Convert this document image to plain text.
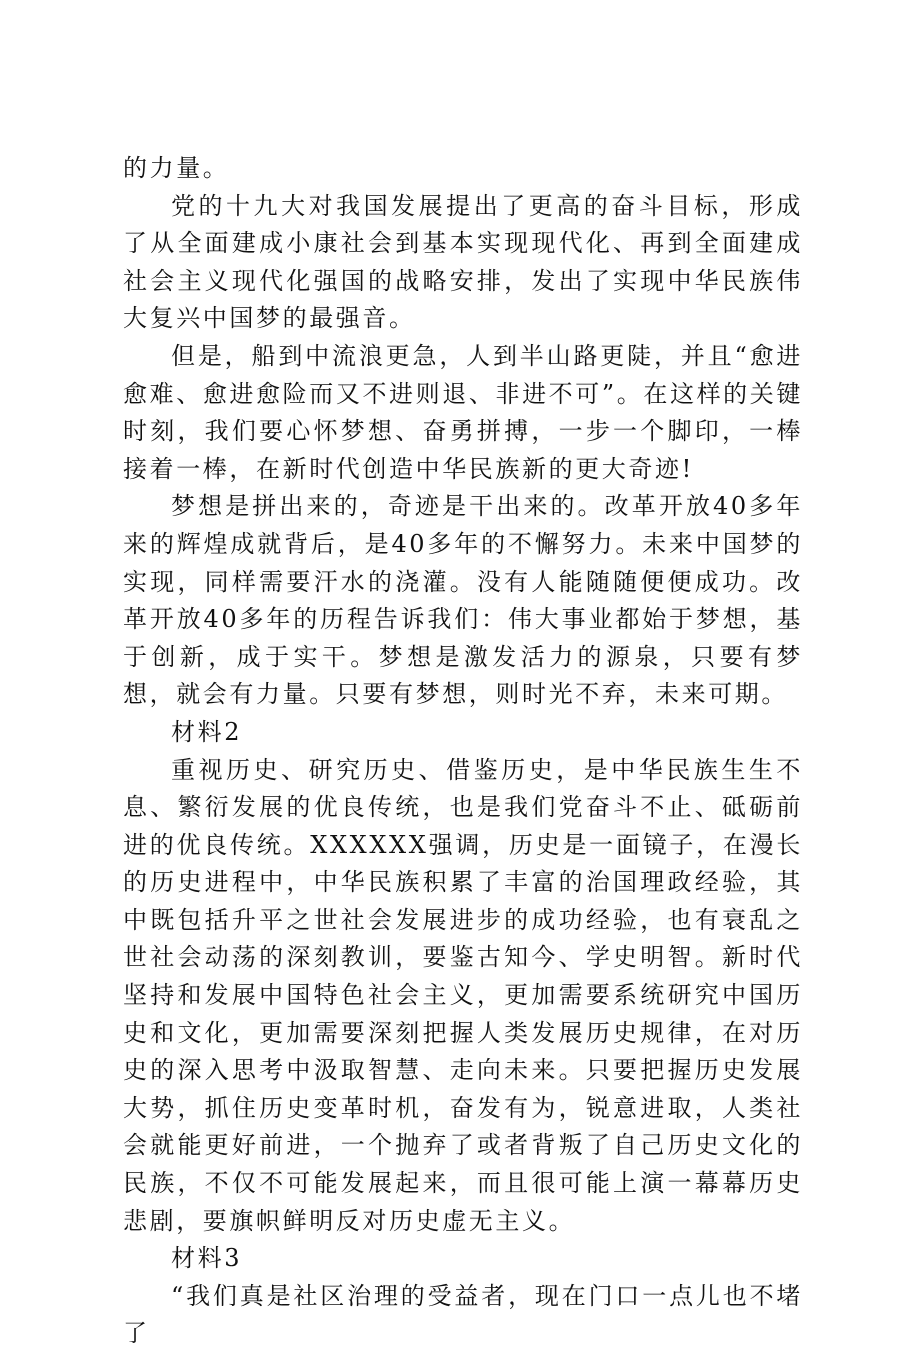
的力量。

党的十九大对我国发展提出了更高的奋斗目标，形成了从全面建成小康社会到基本实现现代化、再到全面建成社会主义现代化强国的战略安排，发出了实现中华民族伟大复兴中国梦的最强音。

但是，船到中流浪更急，人到半山路更陡，并且“愈进愈难、愈进愈险而又不进则退、非进不可”。在这样的关键时刻，我们要心怀梦想、奋勇拼搏，一步一个脚印，一棒接着一棒，在新时代创造中华民族新的更大奇迹!

梦想是拼出来的，奇迹是干出来的。改革开放40多年来的辉煌成就背后，是40多年的不懈努力。未来中国梦的实现，同样需要汗水的浇灌。没有人能随随便便成功。改革开放40多年的历程告诉我们：伟大事业都始于梦想，基于创新，成于实干。梦想是激发活力的源泉，只要有梦想，就会有力量。只要有梦想，则时光不弃，未来可期。

材料2

重视历史、研究历史、借鉴历史，是中华民族生生不息、繁衍发展的优良传统，也是我们党奋斗不止、砥砺前进的优良传统。XXXXXX强调，历史是一面镜子，在漫长的历史进程中，中华民族积累了丰富的治国理政经验，其中既包括升平之世社会发展进步的成功经验，也有衰乱之世社会动荡的深刻教训，要鉴古知今、学史明智。新时代坚持和发展中国特色社会主义，更加需要系统研究中国历史和文化，更加需要深刻把握人类发展历史规律，在对历史的深入思考中汲取智慧、走向未来。只要把握历史发展大势，抓住历史变革时机，奋发有为，锐意进取，人类社会就能更好前进，一个抛弃了或者背叛了自己历史文化的民族，不仅不可能发展起来，而且很可能上演一幕幕历史悲剧，要旗帜鲜明反对历史虚无主义。

材料3

“我们真是社区治理的受益者，现在门口一点儿也不堵了
